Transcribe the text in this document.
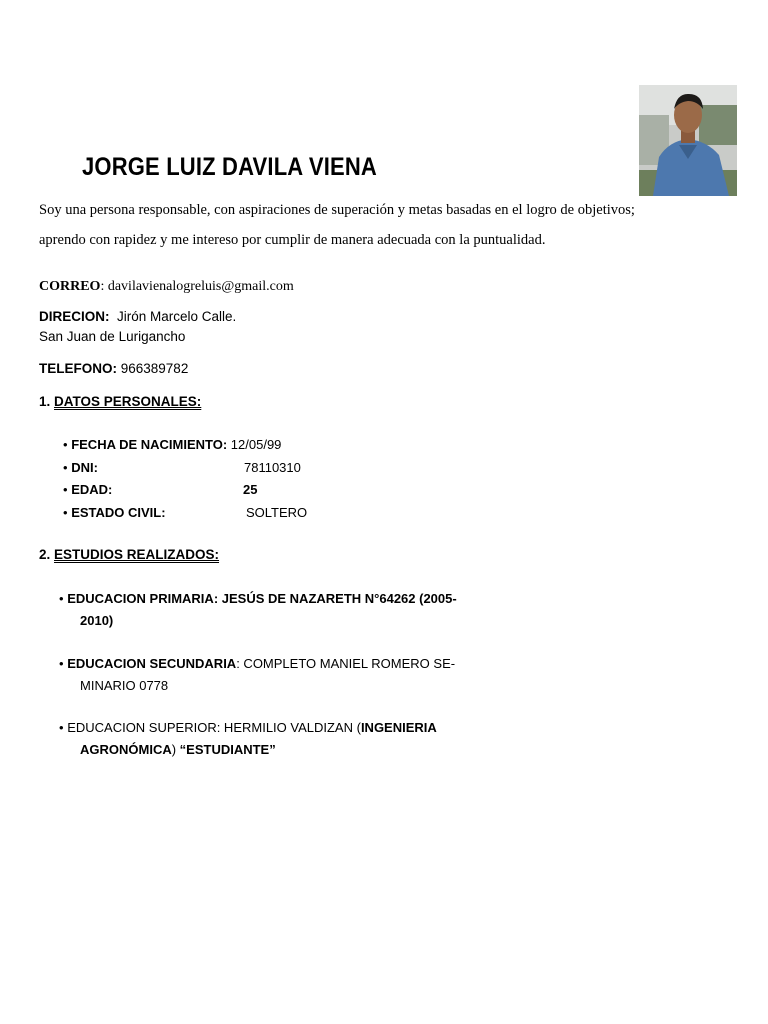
JORGE LUIZ DAVILA VIENA
Soy una persona responsable, con aspiraciones de superación y metas basadas en el logro de objetivos;
aprendo con rapidez y me intereso por cumplir de manera adecuada con la puntualidad.
CORREO: davilavienalogreluis@gmail.com
DIRECION:  Jirón Marcelo Calle.
San Juan de Lurigancho
TELEFONO: 966389782
1. DATOS PERSONALES:
• FECHA DE NACIMIENTO: 12/05/99
• DNI:	78110310
• EDAD:	25
• ESTADO CIVIL:	SOLTERO
2. ESTUDIOS REALIZADOS:
• EDUCACION PRIMARIA: JESÚS DE NAZARETH N°64262 (2005-
2010)
• EDUCACION SECUNDARIA: COMPLETO MANIEL ROMERO SE-
MINARIO 0778
• EDUCACION SUPERIOR: HERMILIO VALDIZAN (INGENIERIA
AGRONÓMICA) “ESTUDIANTE”
